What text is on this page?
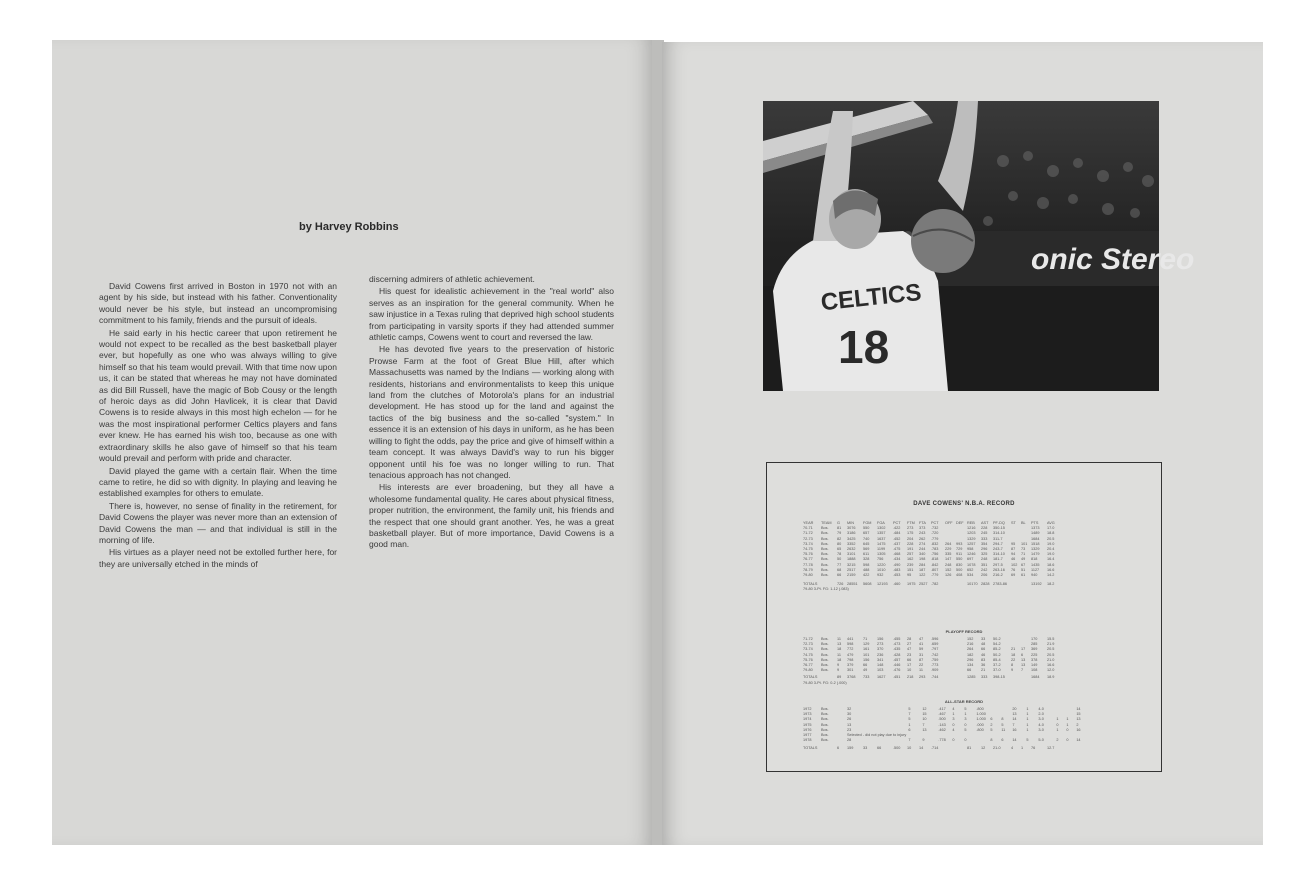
by Harvey Robbins

David Cowens first arrived in Boston in 1970 not with an agent by his side, but instead with his father. Conventionality would never be his style, but instead an uncompromising commitment to his family, friends and the pursuit of ideals.

He said early in his hectic career that upon retirement he would not expect to be recalled as the best basketball player ever, but hopefully as one who was always willing to give himself so that his team would prevail. With that time now upon us, it can be stated that whereas he may not have dominated as did Bill Russell, have the magic of Bob Cousy or the length of heroic days as did John Havlicek, it is clear that David Cowens is to reside always in this most high echelon — for he was the most inspirational performer Celtics players and fans ever knew. He has earned his wish too, because as one with extraordinary skills he also gave of himself so that his team would prevail and perform with pride and character.

David played the game with a certain flair. When the time came to retire, he did so with dignity. In playing and leaving he established examples for others to emulate.

There is, however, no sense of finality in the retirement, for David Cowens the player was never more than an extension of David Cowens the man — and that individual is still in the morning of life.

His virtues as a player need not be extolled further here, for they are universally etched in the minds of

discerning admirers of athletic achievement.

His quest for idealistic achievement in the "real world" also serves as an inspiration for the general community. When he saw injustice in a Texas ruling that deprived high school students from participating in varsity sports if they had attended summer athletic camps, Cowens went to court and reversed the law.

He has devoted five years to the preservation of historic Prowse Farm at the foot of Great Blue Hill, after which Massachusetts was named by the Indians — working along with residents, historians and environmentalists to keep this unique land from the clutches of Motorola's plans for an industrial development. He has stood up for the land and against the tactics of the big business and the so-called "system." In essence it is an extension of his days in uniform, as he has been willing to fight the odds, pay the price and give of himself within a team concept. It was always David's way to run his bigger opponent until his foe was no longer willing to run. That tenacious approach has not changed.

His interests are ever broadening, but they all have a wholesome fundamental quality. He cares about physical fitness, proper nutrition, the environment, the family unit, his friends and the respect that one should grant another. Yes, he was a great basketball player. But of more importance, David Cowens is a good man.

onic Stereo
CELTICS
18
DAVE COWENS' N.B.A. RECORD
YEAR	TEAM	G	MIN	FGM	FGA	PCT	FTM	FTA	PCT	OFF	DEF	REB	AST	PF-DQ	ST	BL	PTS	AVG
70-71	Bos.	81	3076	550	1302	.422	273	373	.732			1216	228	350-15			1373	17.0
71-72	Bos.	79	3186	657	1357	.484	175	243	.720			1203	245	314-10			1489	18.8
72-73	Bos.	82	3425	740	1637	.452	204	262	.779			1329	333	311-7			1684	20.5
73-74	Bos.	80	3352	645	1475	.437	228	274	.832	264	993	1257	354	294-7	95	101	1518	19.0
74-75	Bos.	65	2632	569	1199	.475	191	244	.783	229	729	958	296	243-7	87	73	1329	20.4
75-76	Bos.	78	3101	611	1305	.468	257	340	.756	335	911	1246	325	314-10	94	71	1479	19.0
76-77	Bos.	50	1888	328	756	.434	162	198	.818	147	550	697	248	181-7	46	49	818	16.4
77-78	Bos.	77	3215	598	1220	.490	239	284	.842	248	830	1078	351	297-5	102	67	1435	18.6
78-79	Bos.	68	2517	488	1010	.483	151	187	.807	152	500	652	242	263-16	76	51	1127	16.6
79-80	Bos.	66	2159	422	932	.453	95	122	.779	126	408	534	206	216-2	69	61	940	14.2
TOTALS		726	28551	5608	12193	.460	1975	2527	.782			10170	2828	2783-86			13192	18.2
79-80 3-Pt. FG: 1-12 (.083)
PLAYOFF RECORD
71-72	Bos.	11	441	71	156	.455	28	47	.596			152	33	50-2			170	15.5
72-73	Bos.	13	598	129	273	.473	27	41	.659			216	48	54-2			285	21.9
73-74	Bos.	18	772	161	370	.435	47	59	.797			264	66	85-2	21	17	369	20.5
74-75	Bos.	11	479	101	236	.428	23	31	.742			182	46	50-2	18	6	225	20.5
75-76	Bos.	18	798	156	341	.457	66	87	.759			296	83	85-4	22	13	378	21.0
76-77	Bos.	9	379	66	148	.446	17	22	.773			134	36	37-2	8	13	149	16.6
79-80	Bos.	9	301	49	103	.476	10	11	.909			66	21	37-0	9	7	108	12.0
TOTALS		89	3768	733	1627	.451	218	293	.744			1285	333	398-15			1684	18.9
79-80 3-Pt. FG: 0-2 (.000)
ALL-STAR RECORD
1972	Bos.		32	5	12	.417	4	5	.800			20	1	4-0			14	
1973	Bos.		30	7	15	.467	1	1	1.000			13	1	2-0			15	
1974	Bos.		26	5	10	.500	3	3	1.000	6	8	14	1	3-0	1	1	13	
1975	Bos.		13	1	7	.143	0	0	.000	2	5	7	1	4-0	0	1	2	
1976	Bos.		23	6	13	.462	4	5	.800	5	11	16	1	3-0	1	0	16	
1977	Bos.		Selected - did not play due to injury															
1978	Bos.		28	7	9	.778	0	0		8	6	14	5	5-0	2	0	14	
TOTALS		6	159	33	66	.500	10	14	.714			81	12	21-0	4	1	76	12.7
